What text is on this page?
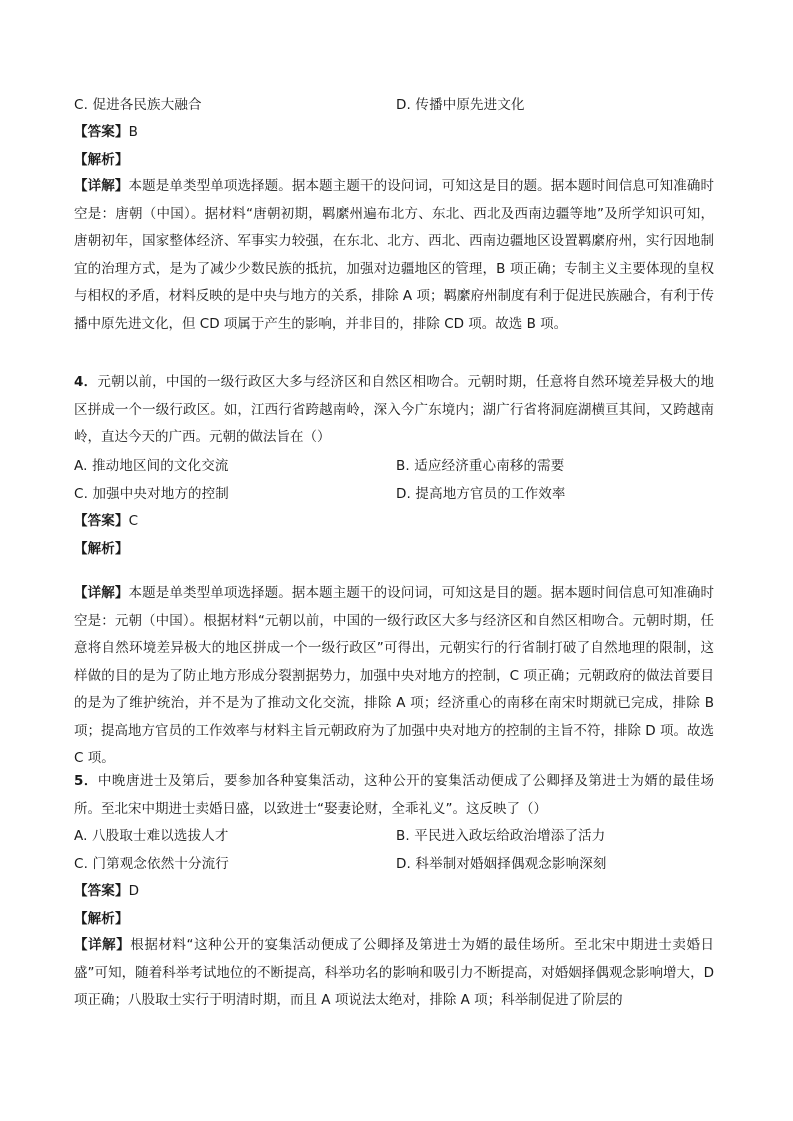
C. 促进各民族大融合	D. 传播中原先进文化
【答案】B
【解析】
【详解】本题是单类型单项选择题。据本题主题干的设问词，可知这是目的题。据本题时间信息可知准确时空是：唐朝（中国）。据材料“唐朝初期，羁縻州遍布北方、东北、西北及西南边疆等地”及所学知识可知，唐朝初年，国家整体经济、军事实力较强，在东北、北方、西北、西南边疆地区设置羁縻府州，实行因地制宜的治理方式，是为了减少少数民族的抵抗，加强对边疆地区的管理，B 项正确；专制主义主要体现的皇权与相权的矛盾，材料反映的是中央与地方的关系，排除 A 项；羁縻府州制度有利于促进民族融合，有利于传播中原先进文化，但 CD 项属于产生的影响，并非目的，排除 CD 项。故选 B 项。
4．元朝以前，中国的一级行政区大多与经济区和自然区相吻合。元朝时期，任意将自然环境差异极大的地区拼成一个一级行政区。如，江西行省跨越南岭，深入今广东境内；湖广行省将洞庭湖横亘其间，又跨越南岭，直达今天的广西。元朝的做法旨在（）
A. 推动地区间的文化交流	B. 适应经济重心南移的需要
C. 加强中央对地方的控制	D. 提高地方官员的工作效率
【答案】C
【解析】
【详解】本题是单类型单项选择题。据本题主题干的设问词，可知这是目的题。据本题时间信息可知准确时空是：元朝（中国）。根据材料“元朝以前，中国的一级行政区大多与经济区和自然区相吻合。元朝时期，任意将自然环境差异极大的地区拼成一个一级行政区”可得出，元朝实行的行省制打破了自然地理的限制，这样做的目的是为了防止地方形成分裂割据势力，加强中央对地方的控制，C 项正确；元朝政府的做法首要目的是为了维护统治，并不是为了推动文化交流，排除 A 项；经济重心的南移在南宋时期就已完成，排除 B 项；提高地方官员的工作效率与材料主旨元朝政府为了加强中央对地方的控制的主旨不符，排除 D 项。故选 C 项。
5．中晚唐进士及第后，要参加各种宴集活动，这种公开的宴集活动便成了公卿择及第进士为婿的最佳场所。至北宋中期进士卖婚日盛，以致进士“娶妻论财，全乖礼义”。这反映了（）
A. 八股取士难以选拔人才	B. 平民进入政坛给政治增添了活力
C. 门第观念依然十分流行	D. 科举制对婚姻择偶观念影响深刻
【答案】D
【解析】
【详解】根据材料“这种公开的宴集活动便成了公卿择及第进士为婿的最佳场所。至北宋中期进士卖婚日盛”可知，随着科举考试地位的不断提高，科举功名的影响和吸引力不断提高，对婚姻择偶观念影响增大，D 项正确；八股取士实行于明清时期，而且 A 项说法太绝对，排除 A 项；科举制促进了阶层的
